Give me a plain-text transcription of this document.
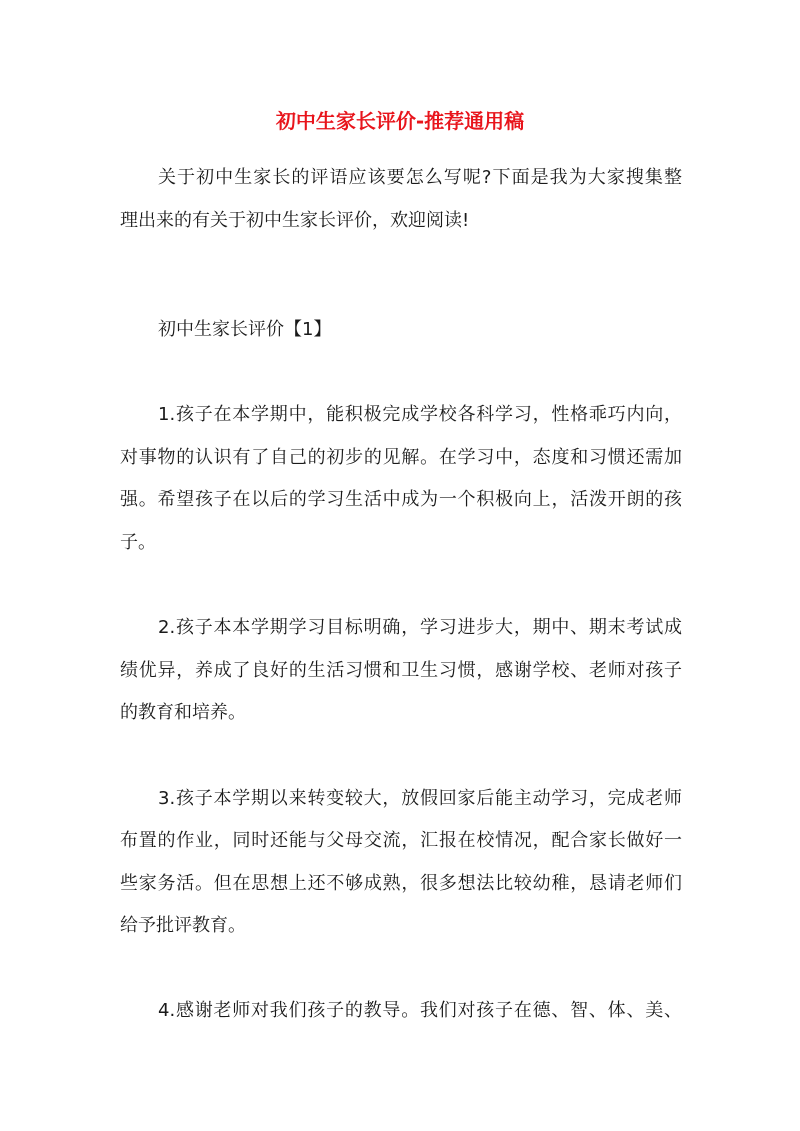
初中生家长评价-推荐通用稿
关于初中生家长的评语应该要怎么写呢?下面是我为大家搜集整
理出来的有关于初中生家长评价，欢迎阅读!
初中生家长评价【1】
1.孩子在本学期中，能积极完成学校各科学习，性格乖巧内向，
对事物的认识有了自己的初步的见解。在学习中，态度和习惯还需加
强。希望孩子在以后的学习生活中成为一个积极向上，活泼开朗的孩
子。
2.孩子本本学期学习目标明确，学习进步大，期中、期末考试成
绩优异，养成了良好的生活习惯和卫生习惯，感谢学校、老师对孩子
的教育和培养。
3.孩子本学期以来转变较大，放假回家后能主动学习，完成老师
布置的作业，同时还能与父母交流，汇报在校情况，配合家长做好一
些家务活。但在思想上还不够成熟，很多想法比较幼稚，恳请老师们
给予批评教育。
4.感谢老师对我们孩子的教导。我们对孩子在德、智、体、美、
